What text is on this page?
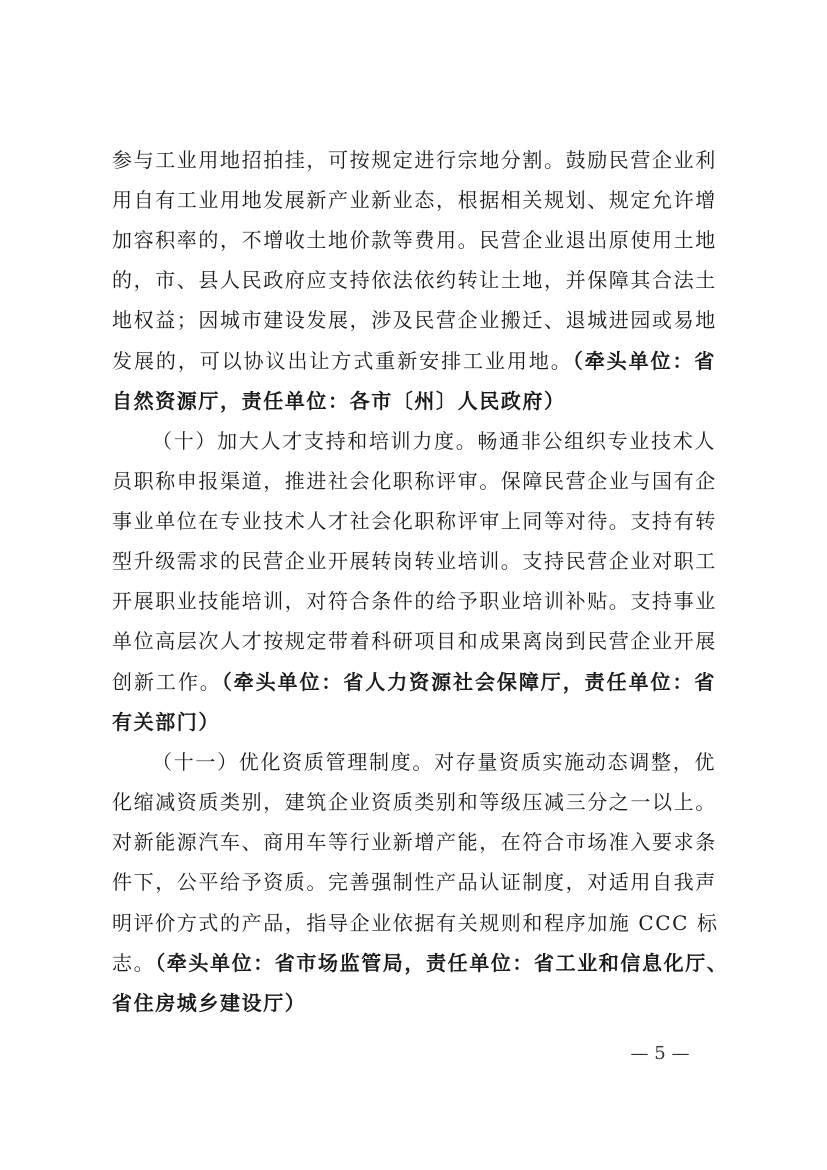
参与工业用地招拍挂，可按规定进行宗地分割。鼓励民营企业利
用自有工业用地发展新产业新业态，根据相关规划、规定允许增
加容积率的，不增收土地价款等费用。民营企业退出原使用土地
的，市、县人民政府应支持依法依约转让土地，并保障其合法土
地权益；因城市建设发展，涉及民营企业搬迁、退城进园或易地
发展的，可以协议出让方式重新安排工业用地。（牵头单位：省
自然资源厅，责任单位：各市〔州〕人民政府）
（十）加大人才支持和培训力度。畅通非公组织专业技术人
员职称申报渠道，推进社会化职称评审。保障民营企业与国有企
事业单位在专业技术人才社会化职称评审上同等对待。支持有转
型升级需求的民营企业开展转岗转业培训。支持民营企业对职工
开展职业技能培训，对符合条件的给予职业培训补贴。支持事业
单位高层次人才按规定带着科研项目和成果离岗到民营企业开展
创新工作。（牵头单位：省人力资源社会保障厅，责任单位：省
有关部门）
（十一）优化资质管理制度。对存量资质实施动态调整，优
化缩减资质类别，建筑企业资质类别和等级压减三分之一以上。
对新能源汽车、商用车等行业新增产能，在符合市场准入要求条
件下，公平给予资质。完善强制性产品认证制度，对适用自我声
明评价方式的产品，指导企业依据有关规则和程序加施 CCC 标
志。（牵头单位：省市场监管局，责任单位：省工业和信息化厅、
省住房城乡建设厅）
— 5 —
